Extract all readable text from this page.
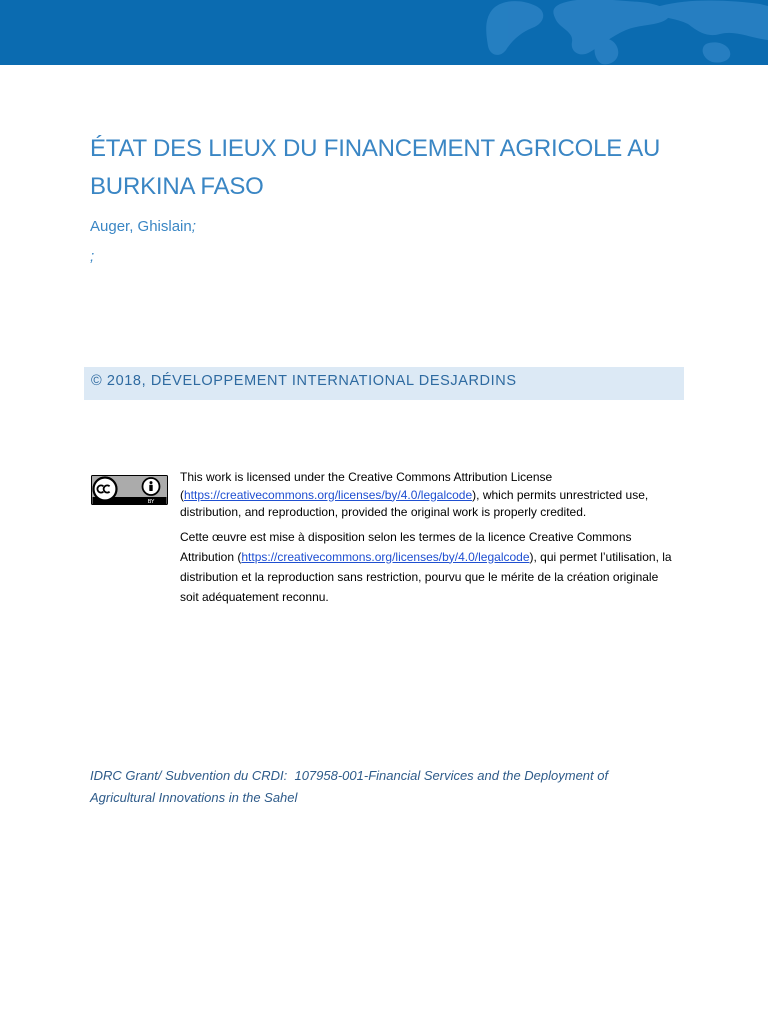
ÉTAT DES LIEUX DU FINANCEMENT AGRICOLE AU
BURKINA FASO
Auger, Ghislain;
;
© 2018, DÉVELOPPEMENT INTERNATIONAL DESJARDINS
BY

This work is licensed under the Creative Commons Attribution License (https://creativecommons.org/licenses/by/4.0/legalcode), which permits unrestricted use, distribution, and reproduction, provided the original work is properly credited.

Cette œuvre est mise à disposition selon les termes de la licence Creative Commons Attribution (https://creativecommons.org/licenses/by/4.0/legalcode), qui permet l’utilisation, la distribution et la reproduction sans restriction, pourvu que le mérite de la création originale soit adéquatement reconnu.

IDRC Grant/ Subvention du CRDI:  107958-001-Financial Services and the Deployment of
Agricultural Innovations in the Sahel
